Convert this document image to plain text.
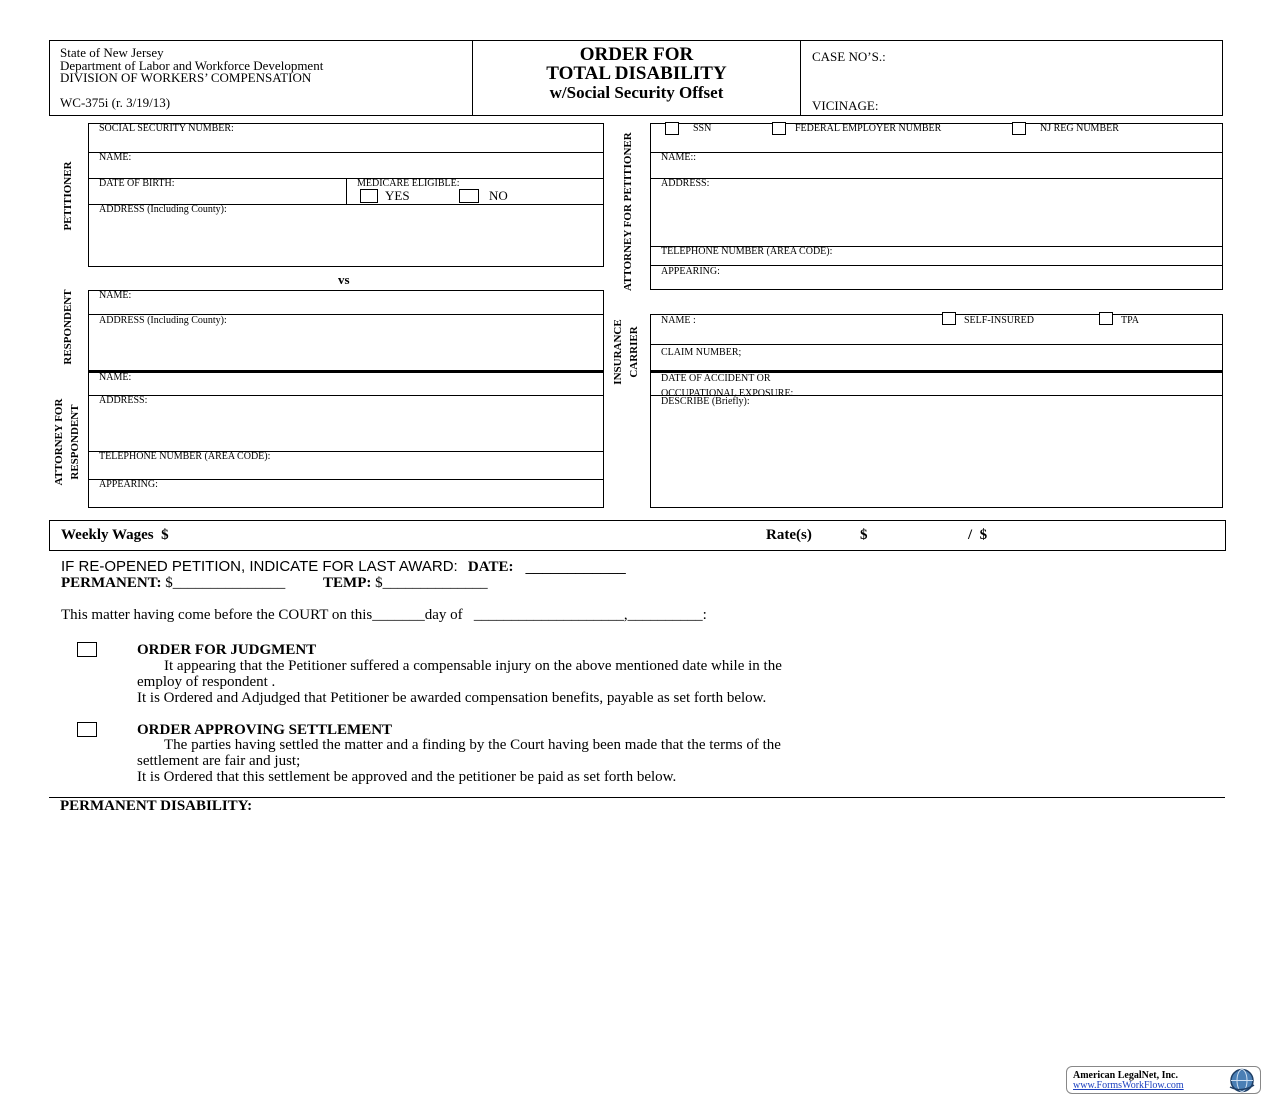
State of New Jersey
Department of Labor and Workforce Development
DIVISION OF WORKERS’ COMPENSATION
WC-375i (r. 3/19/13)
ORDER FOR
TOTAL DISABILITY
w/Social Security Offset
CASE NO’S.:
VICINAGE:
PETITIONER
SOCIAL SECURITY NUMBER:
NAME:
DATE OF BIRTH:	MEDICARE ELIGIBLE:
YES	NO
ADDRESS (Including County):
vs
RESPONDENT	NAME:
ADDRESS (Including County):
ATTORNEY FOR RESPONDENT
NAME:
ADDRESS:
TELEPHONE NUMBER (AREA CODE):
APPEARING:
ATTORNEY FOR PETITIONER
SSN	FEDERAL EMPLOYER NUMBER	NJ REG NUMBER
NAME::
ADDRESS:
TELEPHONE NUMBER (AREA CODE):
APPEARING:
INSURANCE CARRIER
NAME :	SELF-INSURED	TPA
CLAIM NUMBER;
DATE OF ACCIDENT OR
OCCUPATIONAL EXPOSURE:
DESCRIBE (Briefly):
Weekly Wages  $	Rate(s)	$	/  $
IF RE-OPENED PETITION, INDICATE FOR LAST AWARD: DATE: ____________
PERMANENT: $_______________	TEMP: $______________
This matter having come before the COURT on this_______day of   ____________________,__________:
ORDER FOR JUDGMENT
It appearing that the Petitioner suffered a compensable injury on the above mentioned date while in the
employ of respondent .
It is Ordered and Adjudged that Petitioner be awarded compensation benefits, payable as set forth below.
ORDER APPROVING SETTLEMENT
The parties having settled the matter and a finding by the Court having been made that the terms of the
settlement are fair and just;
It is Ordered that this settlement be approved and the petitioner be paid as set forth below.
PERMANENT DISABILITY:
American LegalNet, Inc.
www.FormsWorkFlow.com
